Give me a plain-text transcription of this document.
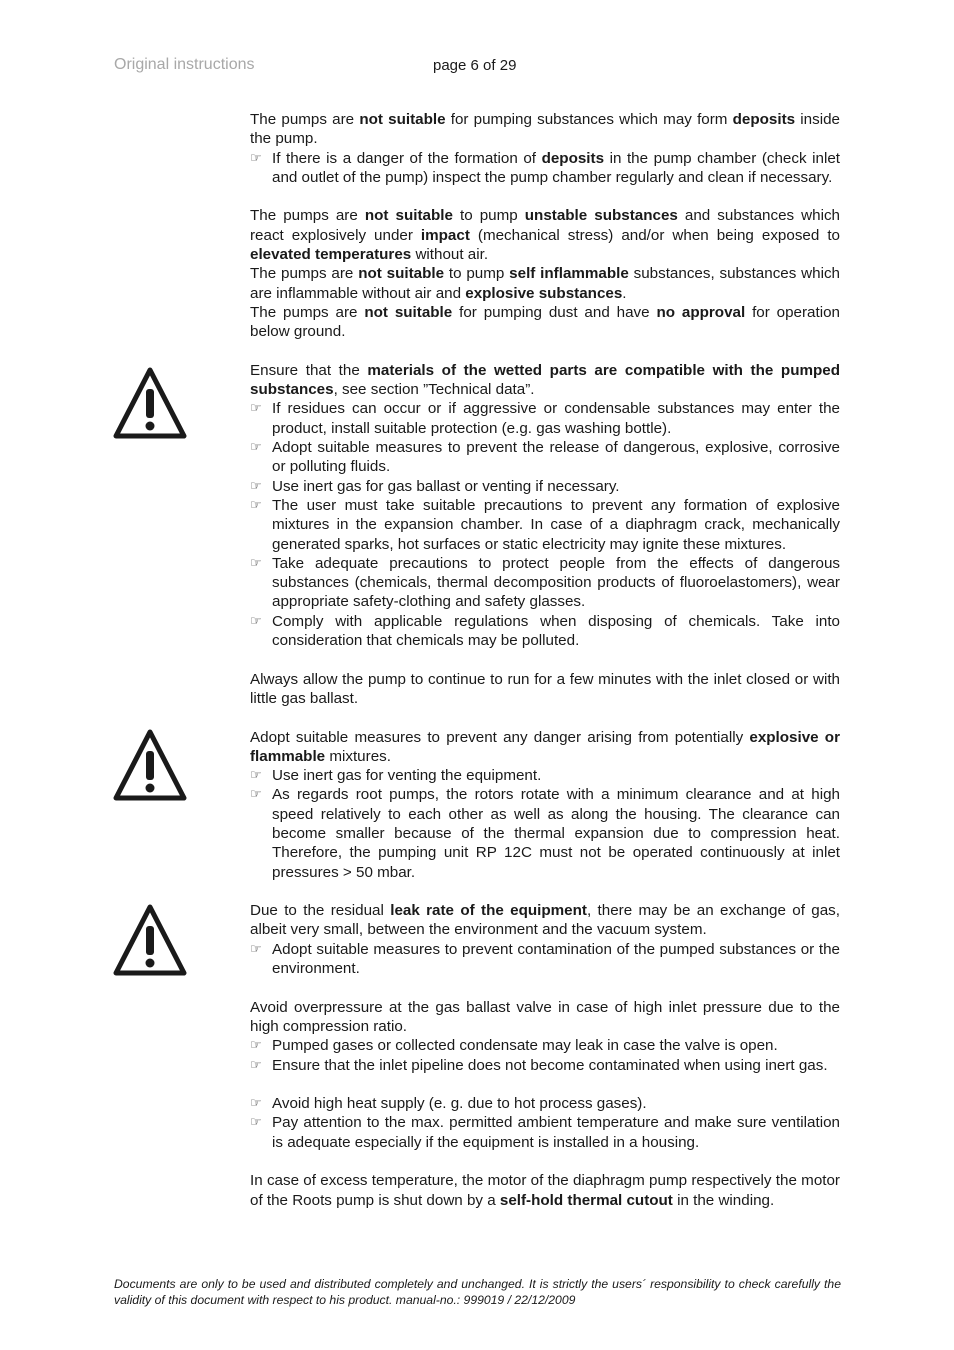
Original instructions	page 6 of 29

The pumps are not suitable for pumping substances which may form deposits inside the pump.

☞ If there is a danger of the formation of deposits in the pump chamber (check inlet and outlet of the pump) inspect the pump chamber regularly and clean if necessary.

The pumps are not suitable to pump unstable substances and substances which react explosively under impact (mechanical stress) and/or when being exposed to elevated temperatures without air.

The pumps are not suitable to pump self inflammable substances, substances which are inflammable without air and explosive substances.

The pumps are not suitable for pumping dust and have no approval for operation below ground.

Ensure that the materials of the wetted parts are compatible with the pumped substances, see section ”Technical data”.

☞ If residues can occur or if aggressive or condensable substances may enter the product, install suitable protection (e.g. gas washing bottle).
☞ Adopt suitable measures to prevent the release of dangerous, explosive, corrosive or polluting fluids.
☞ Use inert gas for gas ballast or venting if necessary.
☞ The user must take suitable precautions to prevent any formation of explosive mixtures in the expansion chamber. In case of a diaphragm crack, mechanically generated sparks, hot surfaces or static electricity may ignite these mixtures.
☞ Take adequate precautions to protect people from the effects of dangerous substances (chemicals, thermal decomposition products of fluoroelastomers), wear appropriate safety-clothing and safety glasses.
☞ Comply with applicable regulations when disposing of chemicals. Take into consideration that chemicals may be polluted.

Always allow the pump to continue to run for a few minutes with the inlet closed or with little gas ballast.

Adopt suitable measures to prevent any danger arising from potentially explosive or flammable mixtures.

☞ Use inert gas for venting the equipment.
☞ As regards root pumps, the rotors rotate with a minimum clearance and at high speed relatively to each other as well as along the housing. The clearance can become smaller because of the thermal expansion due to compression heat. Therefore, the pumping unit RP 12C must not be operated continuously at inlet pressures > 50 mbar.

Due to the residual leak rate of the equipment, there may be an exchange of gas, albeit very small, between the environment and the vacuum system.

☞ Adopt suitable measures to prevent contamination of the pumped substances or the environment.

Avoid overpressure at the gas ballast valve in case of high inlet pressure due to the high compression ratio.

☞ Pumped gases or collected condensate may leak in case the valve is open.
☞ Ensure that the inlet pipeline does not become contaminated when using inert gas.
☞ Avoid high heat supply (e. g. due to hot process gases).
☞ Pay attention to the max. permitted ambient temperature and make sure ventilation is adequate especially if the equipment is installed in a housing.

In case of excess temperature, the motor of the diaphragm pump respectively the motor of the Roots pump is shut down by a self-hold thermal cutout in the winding.

Documents are only to be used and distributed completely and unchanged. It is strictly the users´ responsibility to check carefully the validity of this document with respect to his product. manual-no.: 999019 / 22/12/2009
